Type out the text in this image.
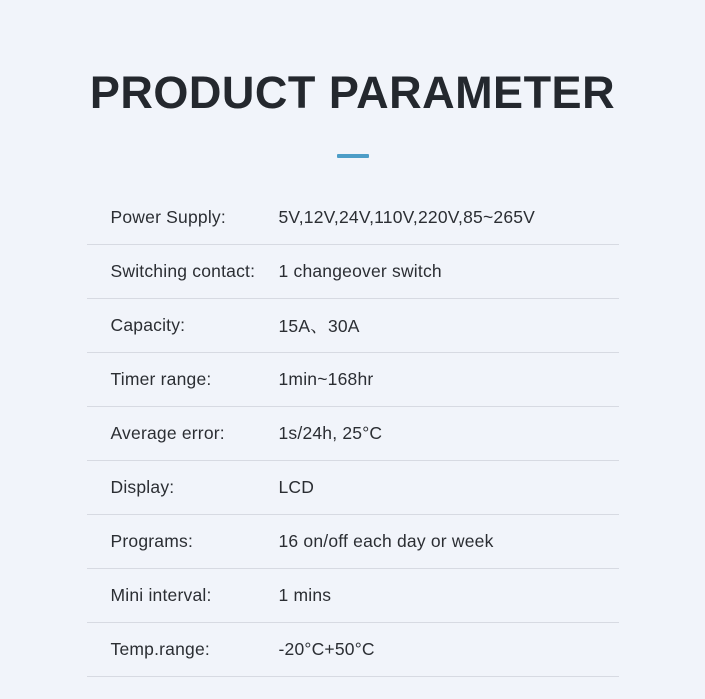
PRODUCT PARAMETER
Power Supply:	5V,12V,24V,110V,220V,85~265V
Switching contact:	1 changeover switch
Capacity:	15A、30A
Timer range:	1min~168hr
Average error:	1s/24h, 25°C
Display:	LCD
Programs:	16 on/off each day or week
Mini interval:	1 mins
Temp.range:	-20°C+50°C
